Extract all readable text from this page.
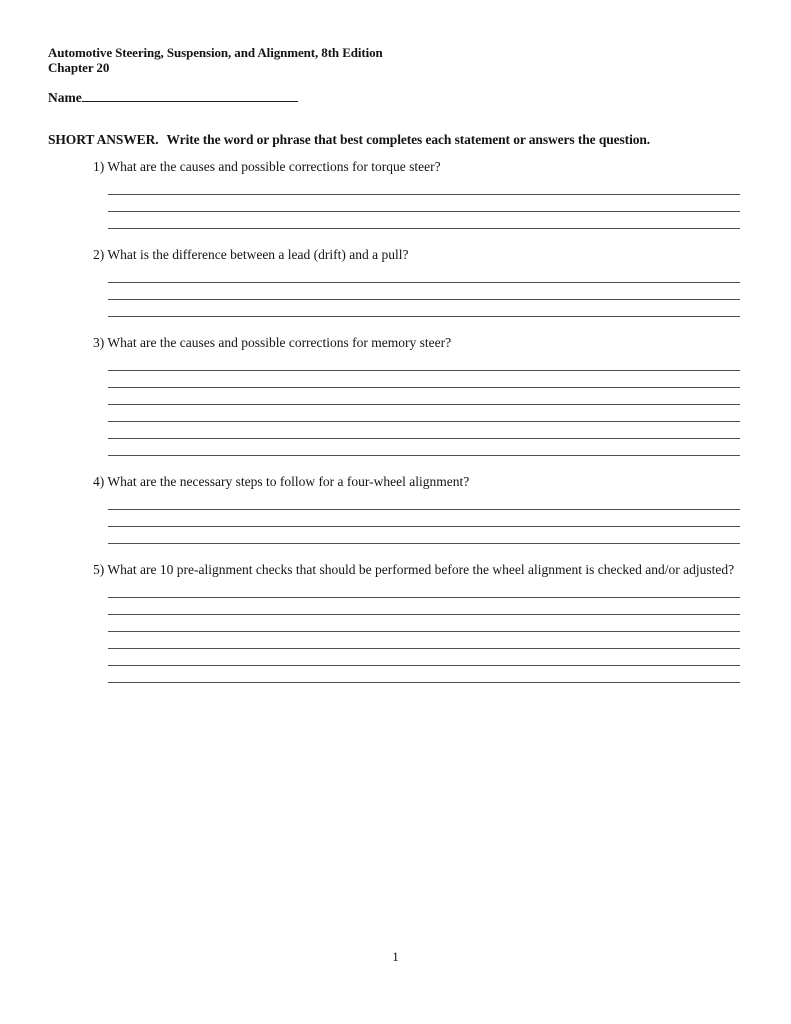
Automotive Steering, Suspension, and Alignment, 8th Edition
Chapter 20
Name

SHORT ANSWER. Write the word or phrase that best completes each statement or answers the question.

1) What are the causes and possible corrections for torque steer?

2) What is the difference between a lead (drift) and a pull?

3) What are the causes and possible corrections for memory steer?

4) What are the necessary steps to follow for a four-wheel alignment?

5) What are 10 pre-alignment checks that should be performed before the wheel alignment is checked and/or adjusted?

1
